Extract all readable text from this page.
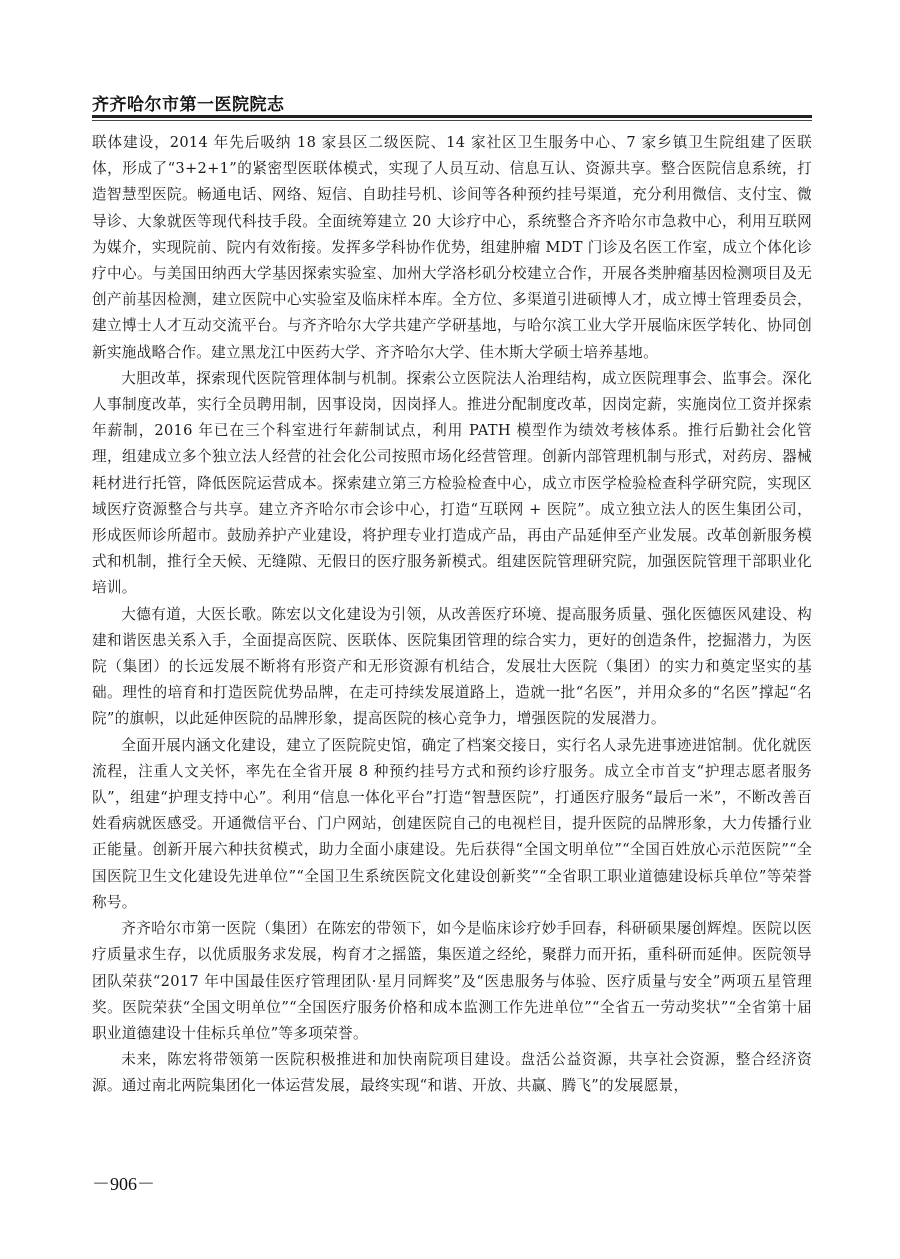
齐齐哈尔市第一医院院志

联体建设，2014 年先后吸纳 18 家县区二级医院、14 家社区卫生服务中心、7 家乡镇卫生院组建了医联体，形成了“3+2+1”的紧密型医联体模式，实现了人员互动、信息互认、资源共享。整合医院信息系统，打造智慧型医院。畅通电话、网络、短信、自助挂号机、诊间等各种预约挂号渠道，充分利用微信、支付宝、微导诊、大象就医等现代科技手段。全面统筹建立 20 大诊疗中心，系统整合齐齐哈尔市急救中心，利用互联网为媒介，实现院前、院内有效衔接。发挥多学科协作优势，组建肿瘤 MDT 门诊及名医工作室，成立个体化诊疗中心。与美国田纳西大学基因探索实验室、加州大学洛杉矶分校建立合作，开展各类肿瘤基因检测项目及无创产前基因检测，建立医院中心实验室及临床样本库。全方位、多渠道引进硕博人才，成立博士管理委员会，建立博士人才互动交流平台。与齐齐哈尔大学共建产学研基地，与哈尔滨工业大学开展临床医学转化、协同创新实施战略合作。建立黑龙江中医药大学、齐齐哈尔大学、佳木斯大学硕士培养基地。

大胆改革，探索现代医院管理体制与机制。探索公立医院法人治理结构，成立医院理事会、监事会。深化人事制度改革，实行全员聘用制，因事设岗，因岗择人。推进分配制度改革，因岗定薪，实施岗位工资并探索年薪制，2016 年已在三个科室进行年薪制试点，利用 PATH 模型作为绩效考核体系。推行后勤社会化管理，组建成立多个独立法人经营的社会化公司按照市场化经营管理。创新内部管理机制与形式，对药房、器械耗材进行托管，降低医院运营成本。探索建立第三方检验检查中心，成立市医学检验检查科学研究院，实现区域医疗资源整合与共享。建立齐齐哈尔市会诊中心，打造“互联网 + 医院”。成立独立法人的医生集团公司，形成医师诊所超市。鼓励养护产业建设，将护理专业打造成产品，再由产品延伸至产业发展。改革创新服务模式和机制，推行全天候、无缝隙、无假日的医疗服务新模式。组建医院管理研究院，加强医院管理干部职业化培训。

大德有道，大医长歌。陈宏以文化建设为引领，从改善医疗环境、提高服务质量、强化医德医风建设、构建和谐医患关系入手，全面提高医院、医联体、医院集团管理的综合实力，更好的创造条件，挖掘潜力，为医院（集团）的长远发展不断将有形资产和无形资源有机结合，发展壮大医院（集团）的实力和奠定坚实的基础。理性的培育和打造医院优势品牌，在走可持续发展道路上，造就一批“名医”，并用众多的“名医”撑起“名院”的旗帜，以此延伸医院的品牌形象，提高医院的核心竞争力，增强医院的发展潜力。

全面开展内涵文化建设，建立了医院院史馆，确定了档案交接日，实行名人录先进事迹进馆制。优化就医流程，注重人文关怀，率先在全省开展 8 种预约挂号方式和预约诊疗服务。成立全市首支“护理志愿者服务队”，组建“护理支持中心”。利用“信息一体化平台”打造“智慧医院”，打通医疗服务“最后一米”，不断改善百姓看病就医感受。开通微信平台、门户网站，创建医院自己的电视栏目，提升医院的品牌形象，大力传播行业正能量。创新开展六种扶贫模式，助力全面小康建设。先后获得“全国文明单位”“全国百姓放心示范医院”“全国医院卫生文化建设先进单位”“全国卫生系统医院文化建设创新奖”“全省职工职业道德建设标兵单位”等荣誉称号。

齐齐哈尔市第一医院（集团）在陈宏的带领下，如今是临床诊疗妙手回春，科研硕果屡创辉煌。医院以医疗质量求生存，以优质服务求发展，构育才之摇篮，集医道之经纶，聚群力而开拓，重科研而延伸。医院领导团队荣获“2017 年中国最佳医疗管理团队·星月同辉奖”及“医患服务与体验、医疗质量与安全”两项五星管理奖。医院荣获“全国文明单位”“全国医疗服务价格和成本监测工作先进单位”“全省五一劳动奖状”“全省第十届职业道德建设十佳标兵单位”等多项荣誉。

未来，陈宏将带领第一医院积极推进和加快南院项目建设。盘活公益资源，共享社会资源，整合经济资源。通过南北两院集团化一体运营发展，最终实现“和谐、开放、共赢、腾飞”的发展愿景，

－906－
